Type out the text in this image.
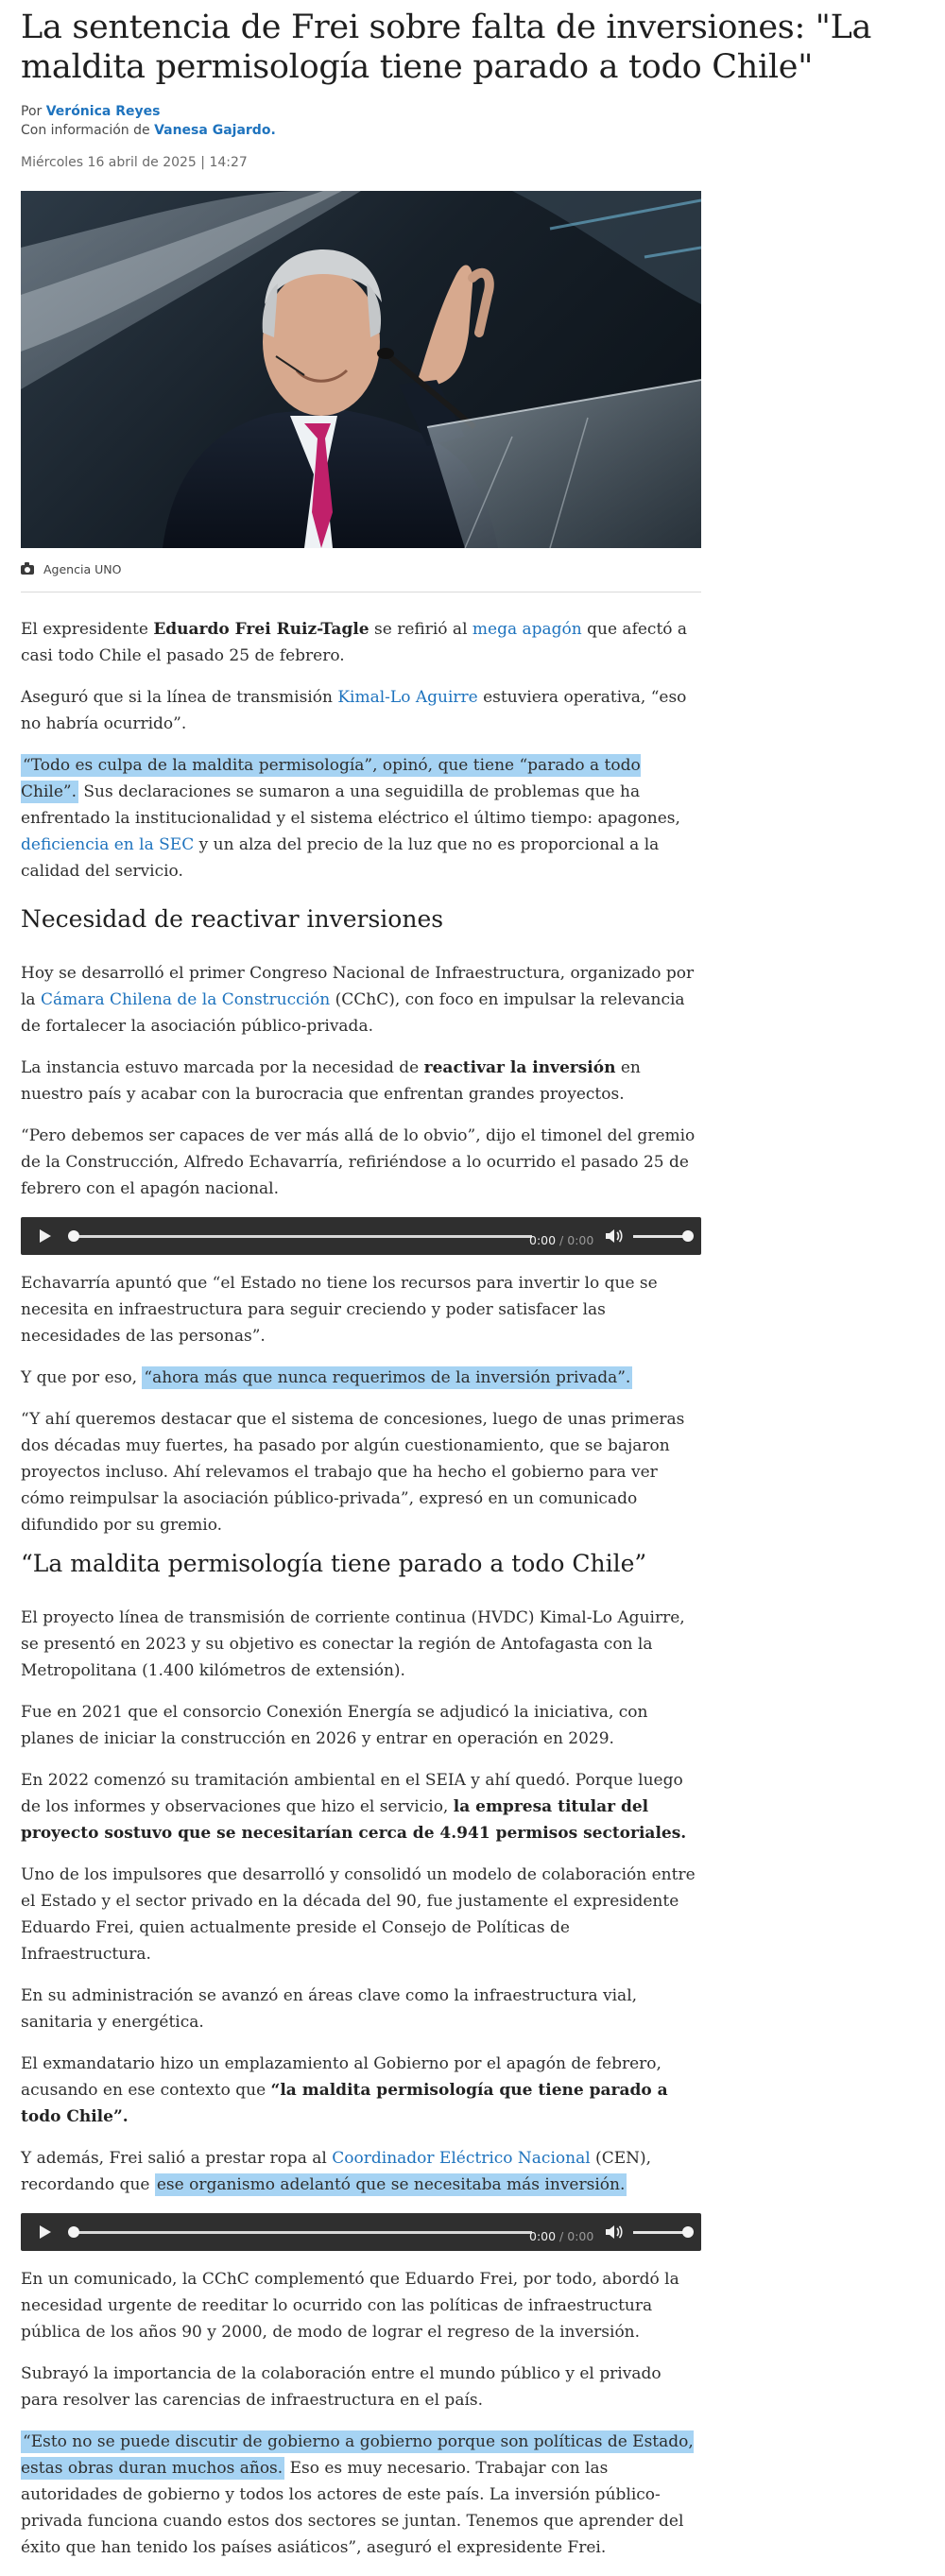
La sentencia de Frei sobre falta de inversiones: "La maldita permisología tiene parado a todo Chile"
Por Verónica Reyes
Con información de Vanesa Gajardo.
Miércoles 16 abril de 2025 | 14:27
Agencia UNO

El expresidente Eduardo Frei Ruiz-Tagle se refirió al mega apagón que afectó a casi todo Chile el pasado 25 de febrero.

Aseguró que si la línea de transmisión Kimal-Lo Aguirre estuviera operativa, “eso no habría ocurrido”.

“Todo es culpa de la maldita permisología”, opinó, que tiene “parado a todo Chile”. Sus declaraciones se sumaron a una seguidilla de problemas que ha enfrentado la institucionalidad y el sistema eléctrico el último tiempo: apagones, deficiencia en la SEC y un alza del precio de la luz que no es proporcional a la calidad del servicio.

Necesidad de reactivar inversiones

Hoy se desarrolló el primer Congreso Nacional de Infraestructura, organizado por la Cámara Chilena de la Construcción (CChC), con foco en impulsar la relevancia de fortalecer la asociación público-privada.

La instancia estuvo marcada por la necesidad de reactivar la inversión en nuestro país y acabar con la burocracia que enfrentan grandes proyectos.

“Pero debemos ser capaces de ver más allá de lo obvio”, dijo el timonel del gremio de la Construcción, Alfredo Echavarría, refiriéndose a lo ocurrido el pasado 25 de febrero con el apagón nacional.

0:00 / 0:00

Echavarría apuntó que “el Estado no tiene los recursos para invertir lo que se necesita en infraestructura para seguir creciendo y poder satisfacer las necesidades de las personas”.

Y que por eso, “ahora más que nunca requerimos de la inversión privada”.

“Y ahí queremos destacar que el sistema de concesiones, luego de unas primeras dos décadas muy fuertes, ha pasado por algún cuestionamiento, que se bajaron proyectos incluso. Ahí relevamos el trabajo que ha hecho el gobierno para ver cómo reimpulsar la asociación público-privada”, expresó en un comunicado difundido por su gremio.

“La maldita permisología tiene parado a todo Chile”

El proyecto línea de transmisión de corriente continua (HVDC) Kimal-Lo Aguirre, se presentó en 2023 y su objetivo es conectar la región de Antofagasta con la Metropolitana (1.400 kilómetros de extensión).

Fue en 2021 que el consorcio Conexión Energía se adjudicó la iniciativa, con planes de iniciar la construcción en 2026 y entrar en operación en 2029.

En 2022 comenzó su tramitación ambiental en el SEIA y ahí quedó. Porque luego de los informes y observaciones que hizo el servicio, la empresa titular del proyecto sostuvo que se necesitarían cerca de 4.941 permisos sectoriales.

Uno de los impulsores que desarrolló y consolidó un modelo de colaboración entre el Estado y el sector privado en la década del 90, fue justamente el expresidente Eduardo Frei, quien actualmente preside el Consejo de Políticas de Infraestructura.

En su administración se avanzó en áreas clave como la infraestructura vial, sanitaria y energética.

El exmandatario hizo un emplazamiento al Gobierno por el apagón de febrero, acusando en ese contexto que “la maldita permisología que tiene parado a todo Chile”.

Y además, Frei salió a prestar ropa al Coordinador Eléctrico Nacional (CEN), recordando que ese organismo adelantó que se necesitaba más inversión.

0:00 / 0:00

En un comunicado, la CChC complementó que Eduardo Frei, por todo, abordó la necesidad urgente de reeditar lo ocurrido con las políticas de infraestructura pública de los años 90 y 2000, de modo de lograr el regreso de la inversión.

Subrayó la importancia de la colaboración entre el mundo público y el privado para resolver las carencias de infraestructura en el país.

“Esto no se puede discutir de gobierno a gobierno porque son políticas de Estado, estas obras duran muchos años. Eso es muy necesario. Trabajar con las autoridades de gobierno y todos los actores de este país. La inversión público-privada funciona cuando estos dos sectores se juntan. Tenemos que aprender del éxito que han tenido los países asiáticos”, aseguró el expresidente Frei.
